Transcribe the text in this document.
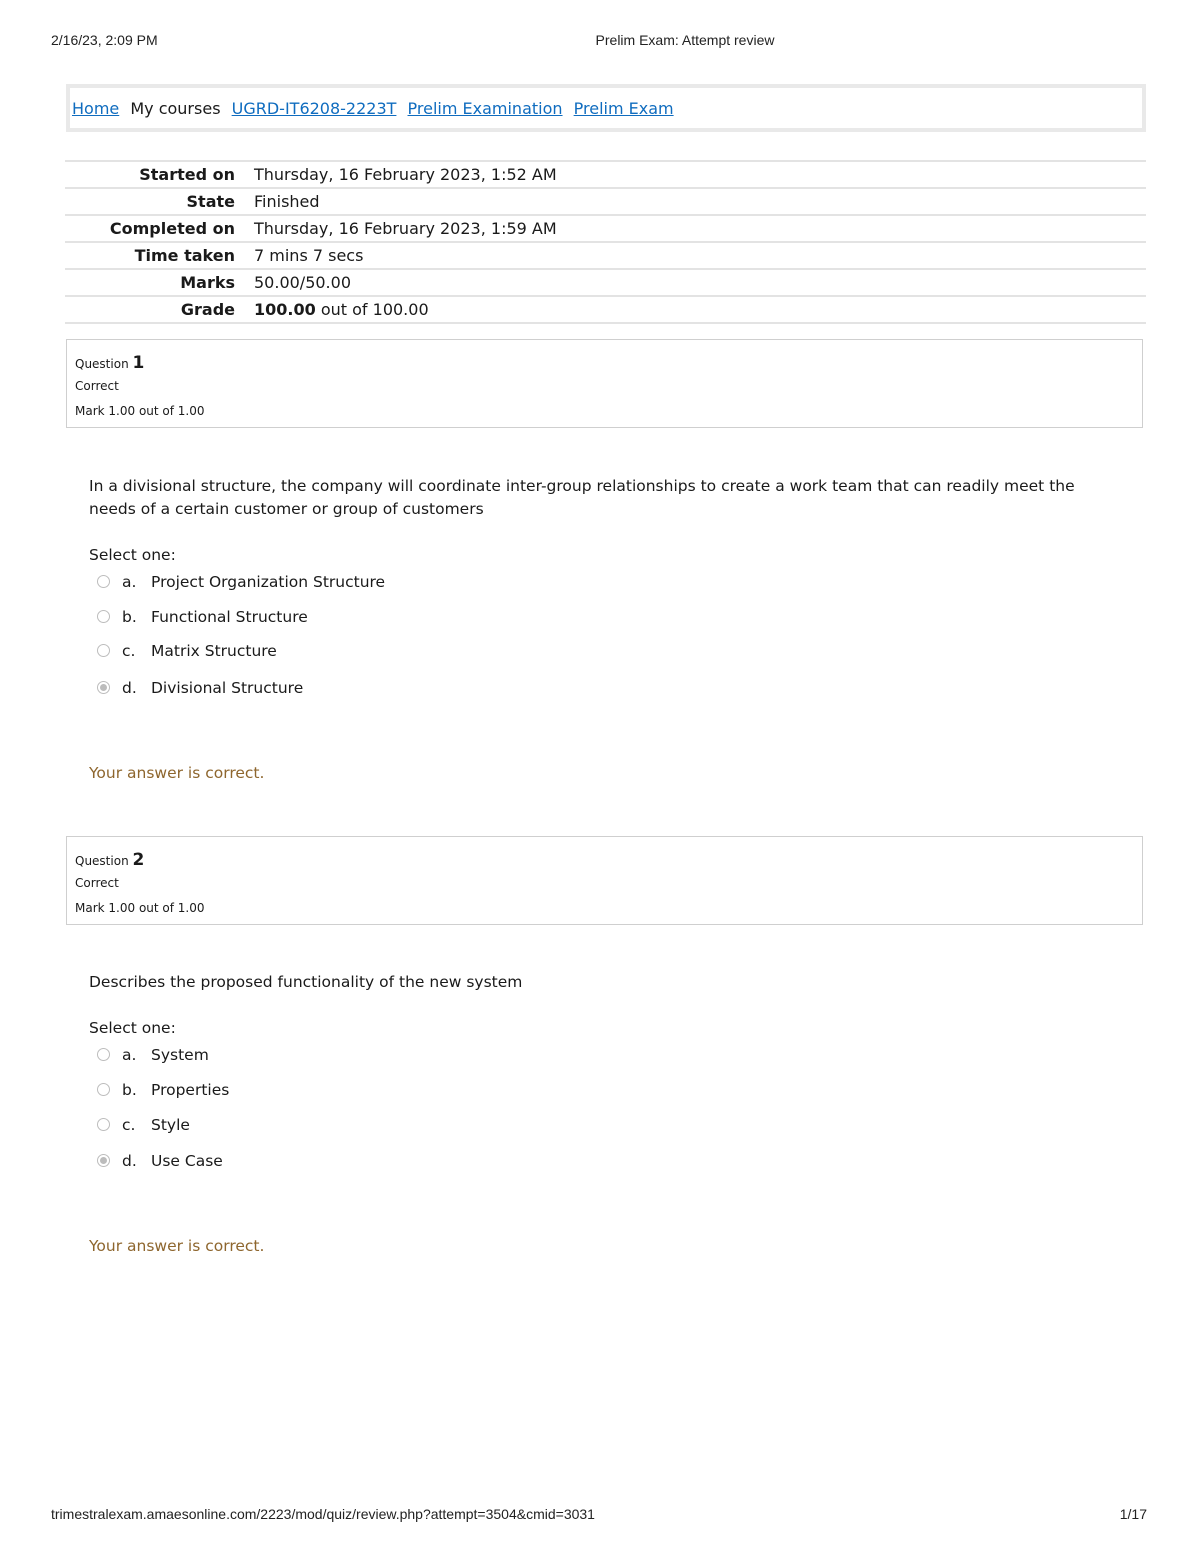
2/16/23, 2:09 PM	Prelim Exam: Attempt review
Home My courses UGRD-IT6208-2223T Prelim Examination Prelim Exam
Started on	Thursday, 16 February 2023, 1:52 AM
State	Finished
Completed on	Thursday, 16 February 2023, 1:59 AM
Time taken	7 mins 7 secs
Marks	50.00/50.00
Grade	100.00 out of 100.00
Question 1
Correct
Mark 1.00 out of 1.00
In a divisional structure, the company will coordinate inter-group relationships to create a work team that can readily meet the needs of a certain customer or group of customers
Select one:
a. Project Organization Structure
b. Functional Structure
c. Matrix Structure
d. Divisional Structure
Your answer is correct.
Question 2
Correct
Mark 1.00 out of 1.00
Describes the proposed functionality of the new system
Select one:
a. System
b. Properties
c. Style
d. Use Case
Your answer is correct.
trimestralexam.amaesonline.com/2223/mod/quiz/review.php?attempt=3504&cmid=3031	1/17
